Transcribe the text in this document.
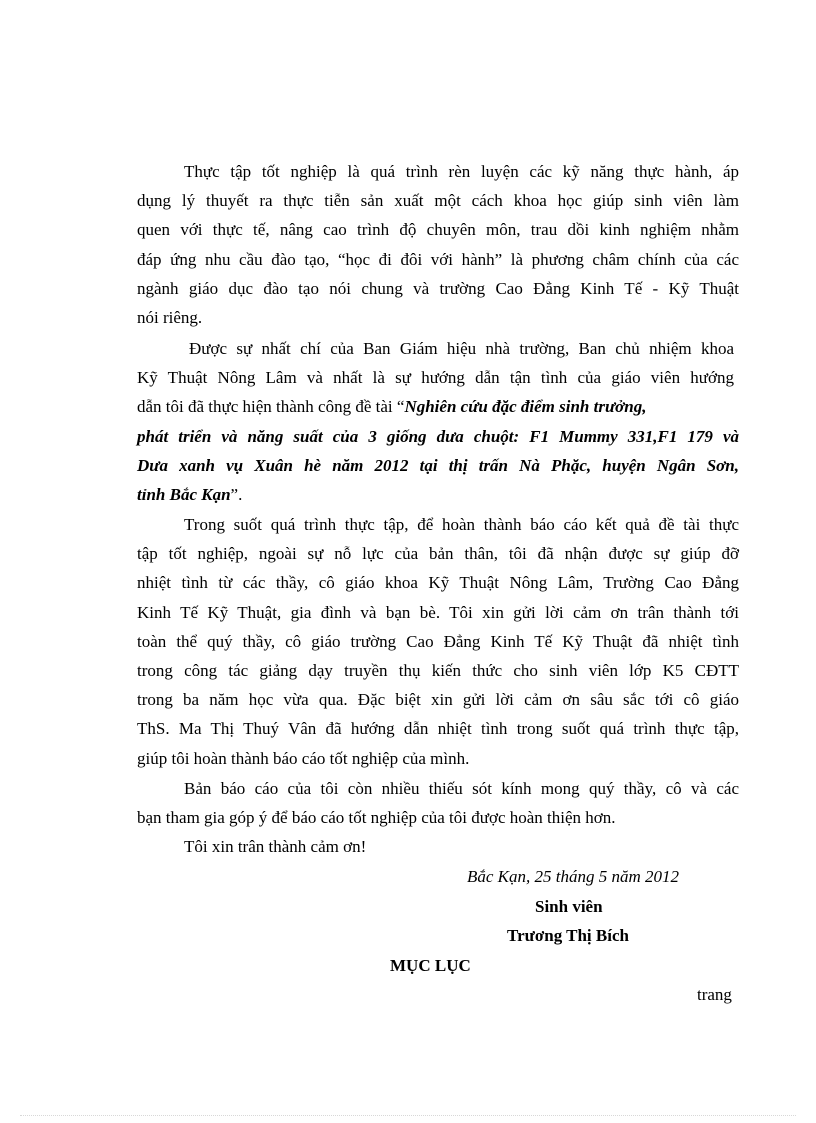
Thực tập tốt nghiệp là quá trình rèn luyện các kỹ năng thực hành, áp
dụng lý thuyết ra thực tiễn sản xuất một cách khoa học giúp sinh viên làm
quen với thực tế, nâng cao trình độ chuyên môn, trau dồi kinh nghiệm nhằm
đáp ứng nhu cầu đào tạo, “học đi đôi với hành” là phương châm chính của các
ngành giáo dục đào tạo nói chung và trường Cao Đẳng Kinh Tế - Kỹ Thuật
nói riêng.
Được sự nhất chí của Ban Giám hiệu nhà trường, Ban chủ nhiệm khoa
Kỹ Thuật Nông Lâm và nhất là sự hướng dẫn tận tình của giáo viên hướng
dẫn tôi đã thực hiện thành công đề tài “Nghiên cứu đặc điểm sinh trưởng,
phát triển và năng suất của 3 giống dưa chuột: F1 Mummy 331,F1 179 và
Dưa xanh vụ Xuân hè năm 2012 tại thị trấn Nà Phặc, huyện Ngân Sơn,
tỉnh Bắc Kạn”.
Trong suốt quá trình thực tập, để hoàn thành báo cáo kết quả đề tài thực
tập tốt nghiệp, ngoài sự nỗ lực của bản thân, tôi đã nhận được sự giúp đỡ
nhiệt tình từ các thầy, cô giáo khoa Kỹ Thuật Nông Lâm, Trường Cao Đẳng
Kinh Tế Kỹ Thuật, gia đình và bạn bè. Tôi xin gửi lời cảm ơn trân thành tới
toàn thể quý thầy, cô giáo trường Cao Đẳng Kinh Tế Kỹ Thuật đã nhiệt tình
trong công tác giảng dạy truyền thụ kiến thức cho sinh viên lớp K5 CĐTT
trong ba năm học vừa qua. Đặc biệt xin gửi lời cảm ơn sâu sắc tới cô giáo
ThS. Ma Thị Thuý Vân đã hướng dẫn nhiệt tình trong suốt quá trình thực tập,
giúp tôi hoàn thành báo cáo tốt nghiệp của mình.
Bản báo cáo của tôi còn nhiều thiếu sót kính mong quý thầy, cô và các
bạn tham gia góp ý để báo cáo tốt nghiệp của tôi được hoàn thiện hơn.
Tôi xin trân thành cảm ơn!
Bắc Kạn, 25 tháng 5 năm 2012
Sinh viên
Trương Thị Bích
MỤC LỤC
trang
